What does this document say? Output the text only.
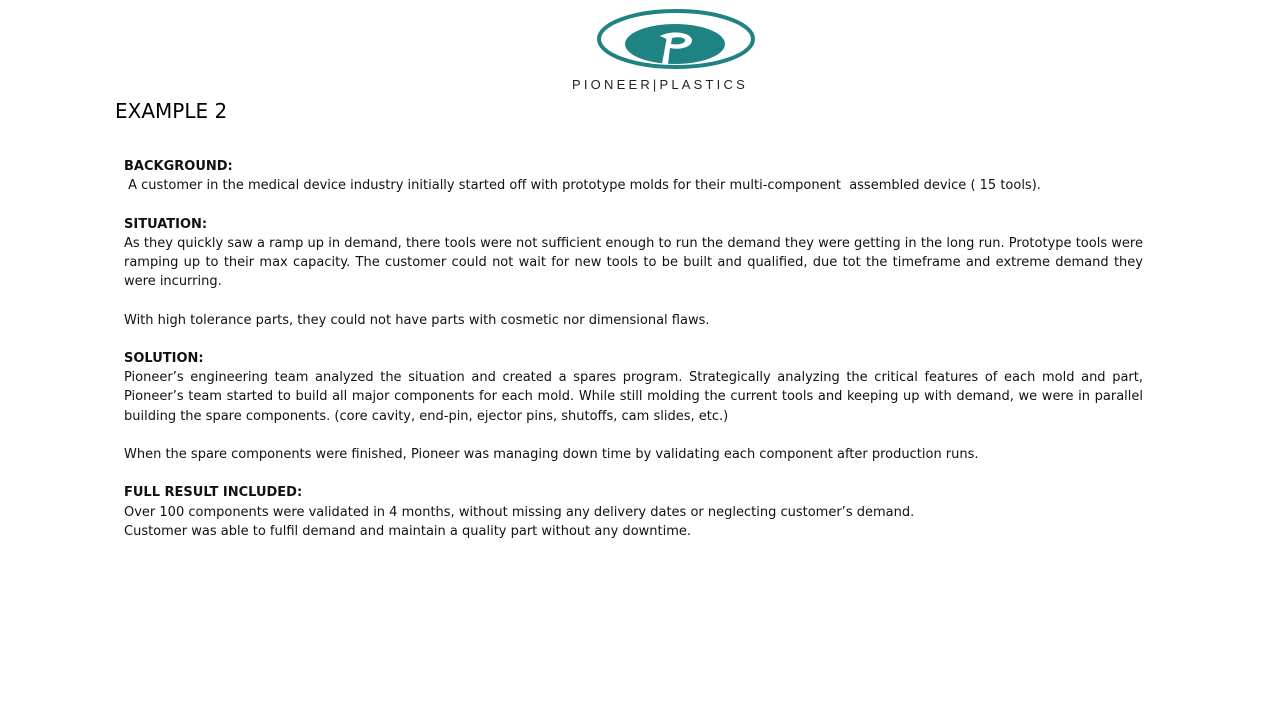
PIONEER|PLASTICS
EXAMPLE 2

BACKGROUND:

A customer in the medical device industry initially started off with prototype molds for their multi-component  assembled device ( 15 tools).

SITUATION:

As they quickly saw a ramp up in demand, there tools were not sufficient enough to run the demand they were getting in the long run. Prototype tools were ramping up to their max capacity. The customer could not wait for new tools to be built and qualified, due tot the timeframe and extreme demand they were incurring.

With high tolerance parts, they could not have parts with cosmetic nor dimensional flaws.

SOLUTION:

Pioneer’s engineering team analyzed the situation and created a spares program. Strategically analyzing the critical features of each mold and part, Pioneer’s team started to build all major components for each mold. While still molding the current tools and keeping up with demand, we were in parallel building the spare components. (core cavity, end-pin, ejector pins, shutoffs, cam slides, etc.)

When the spare components were finished, Pioneer was managing down time by validating each component after production runs.

FULL RESULT INCLUDED:

Over 100 components were validated in 4 months, without missing any delivery dates or neglecting customer’s demand.

Customer was able to fulfil demand and maintain a quality part without any downtime.
